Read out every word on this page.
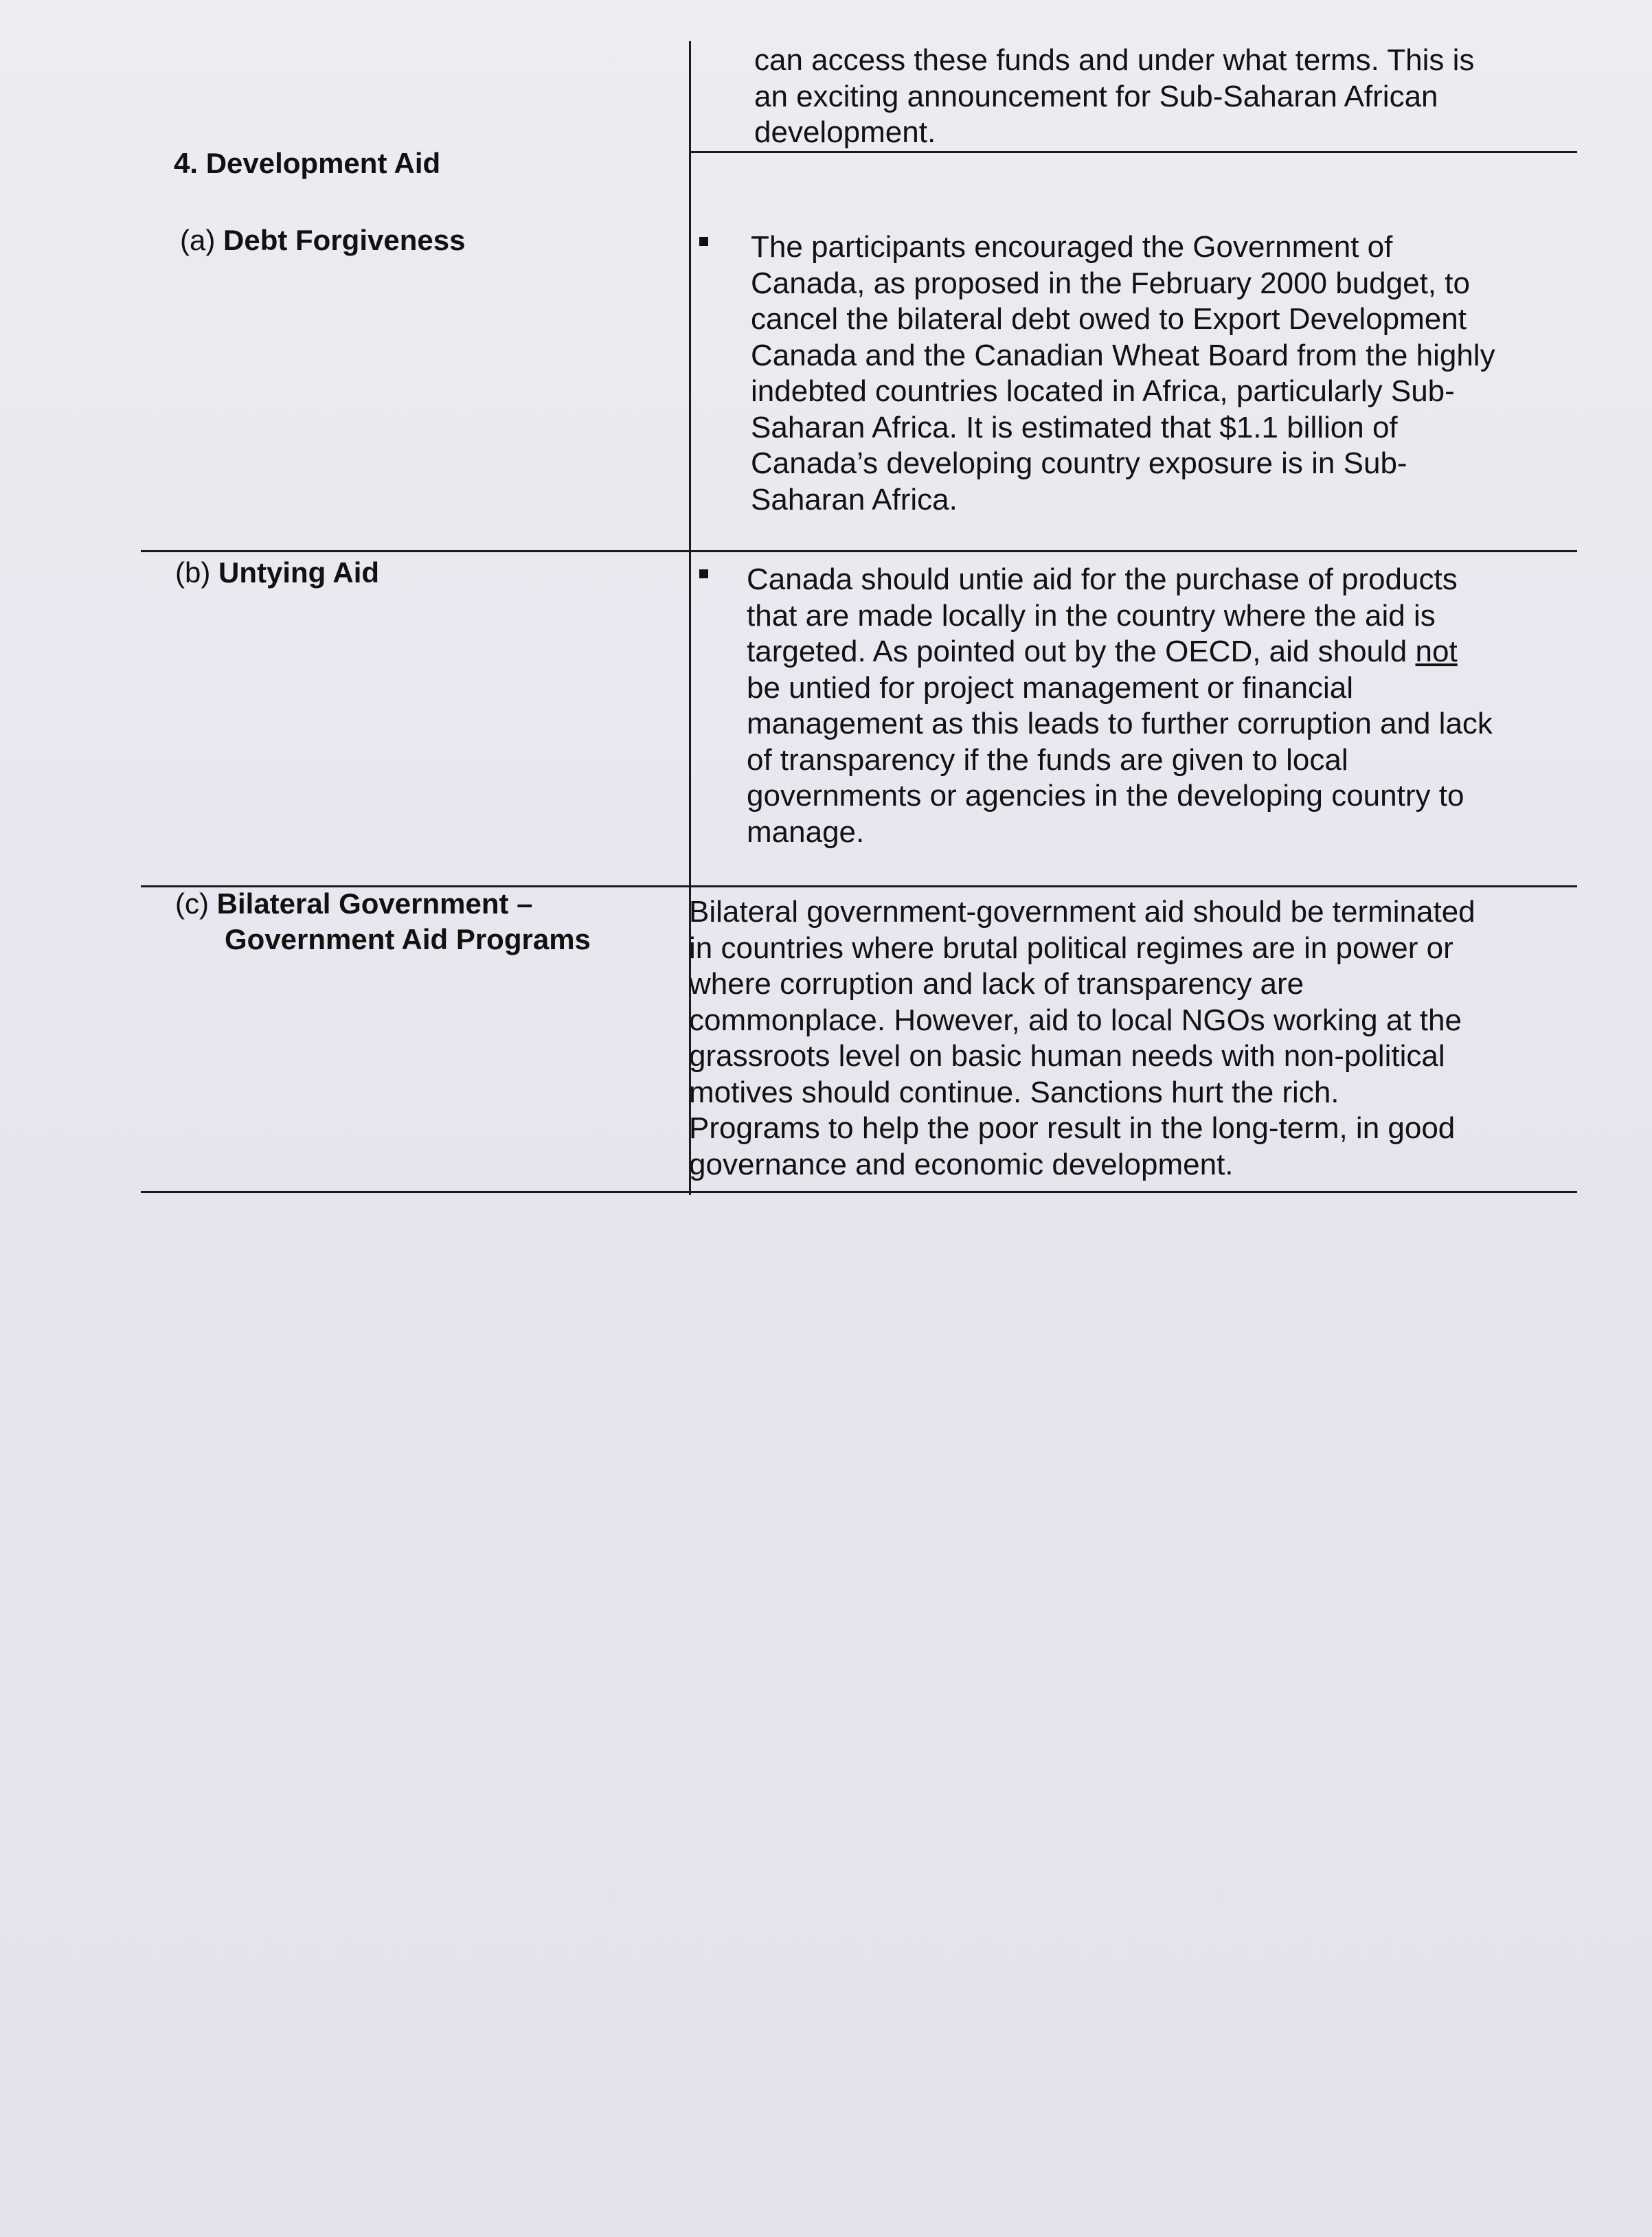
can access these funds and under what terms. This is
an exciting announcement for Sub-Saharan African
development.
4. Development Aid
(a) Debt Forgiveness	The participants encouraged the Government of
Canada, as proposed in the February 2000 budget, to
cancel the bilateral debt owed to Export Development
Canada and the Canadian Wheat Board from the highly
indebted countries located in Africa, particularly Sub-
Saharan Africa. It is estimated that $1.1 billion of
Canada’s developing country exposure is in Sub-
Saharan Africa.
(b) Untying Aid	Canada should untie aid for the purchase of products
that are made locally in the country where the aid is
targeted. As pointed out by the OECD, aid should not
be untied for project management or financial
management as this leads to further corruption and lack
of transparency if the funds are given to local
governments or agencies in the developing country to
manage.
(c) Bilateral Government –
Government Aid Programs
Bilateral government-government aid should be terminated
in countries where brutal political regimes are in power or
where corruption and lack of transparency are
commonplace. However, aid to local NGOs working at the
grassroots level on basic human needs with non-political
motives should continue. Sanctions hurt the rich.
Programs to help the poor result in the long-term, in good
governance and economic development.
